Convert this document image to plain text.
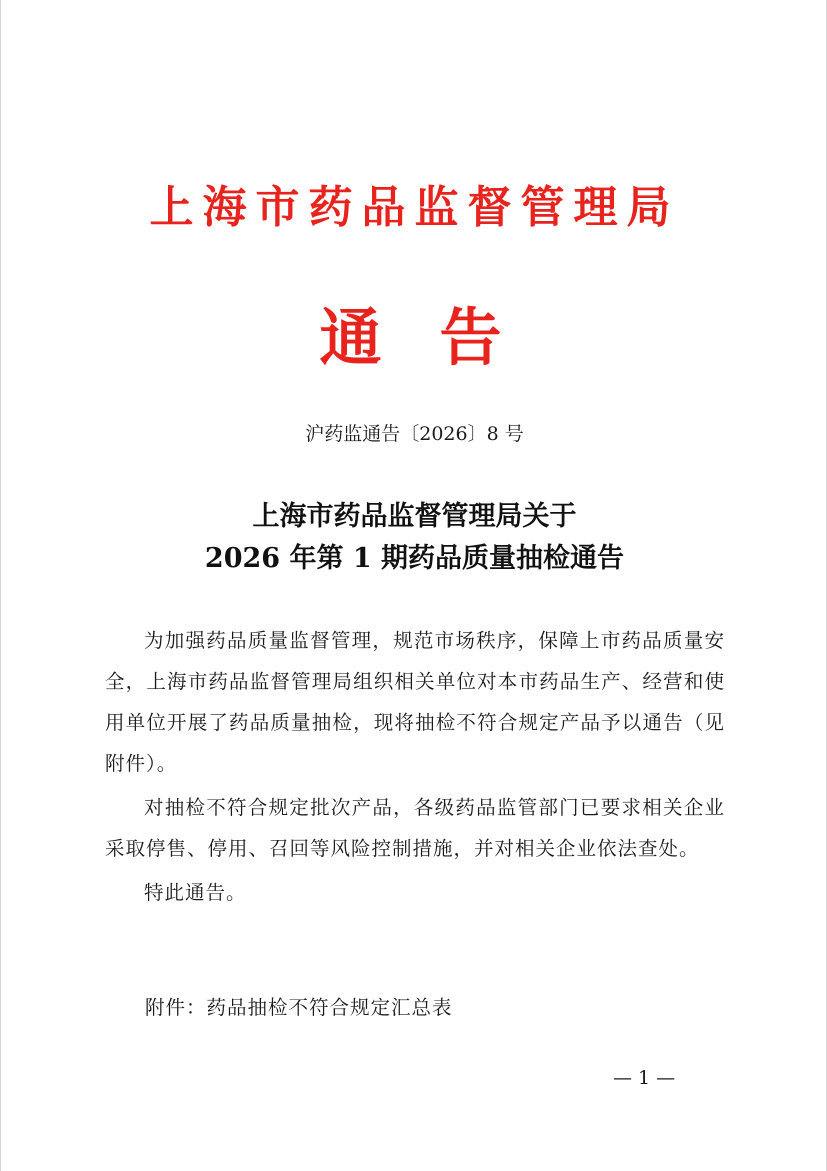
上海市药品监督管理局
通告
沪药监通告〔2026〕8 号
上海市药品监督管理局关于
2026 年第 1 期药品质量抽检通告

为加强药品质量监督管理，规范市场秩序，保障上市药品质量安全，上海市药品监督管理局组织相关单位对本市药品生产、经营和使用单位开展了药品质量抽检，现将抽检不符合规定产品予以通告（见附件）。

对抽检不符合规定批次产品，各级药品监管部门已要求相关企业采取停售、停用、召回等风险控制措施，并对相关企业依法查处。

特此通告。

附件：药品抽检不符合规定汇总表
— 1 —
